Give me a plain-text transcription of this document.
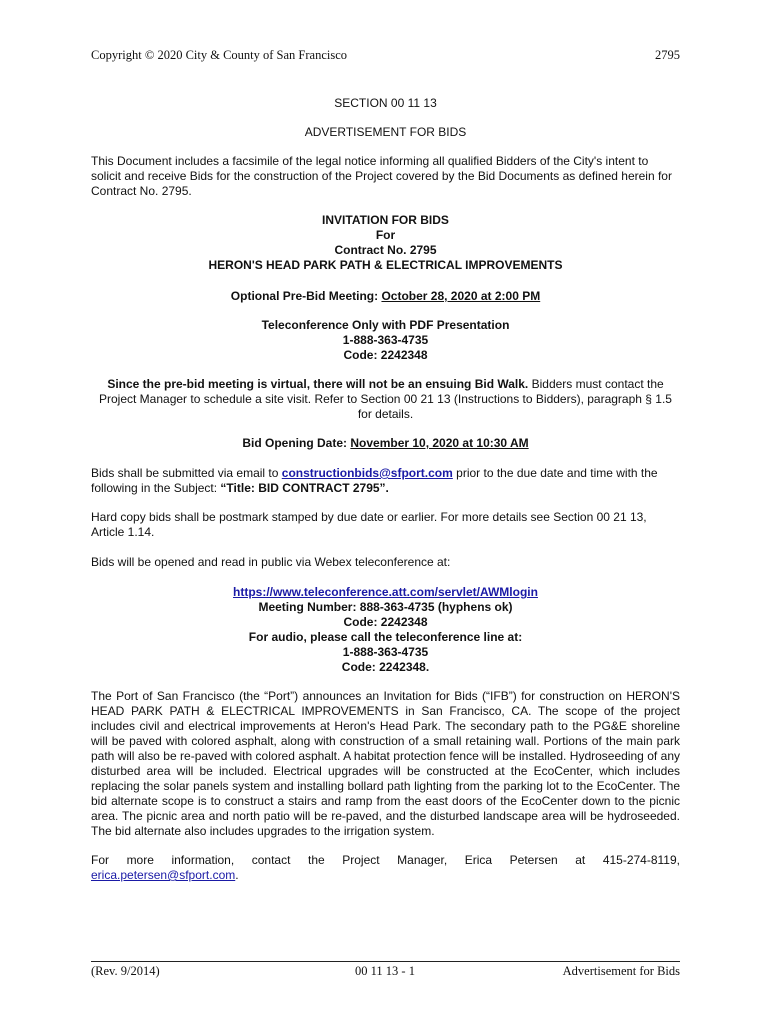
Copyright © 2020 City & County of San Francisco	2795
SECTION 00 11 13
ADVERTISEMENT FOR BIDS

This Document includes a facsimile of the legal notice informing all qualified Bidders of the City's intent to solicit and receive Bids for the construction of the Project covered by the Bid Documents as defined herein for Contract No. 2795.

INVITATION FOR BIDS
For
Contract No. 2795
HERON'S HEAD PARK PATH & ELECTRICAL IMPROVEMENTS
Optional Pre-Bid Meeting: October 28, 2020 at 2:00 PM
Teleconference Only with PDF Presentation
1-888-363-4735
Code: 2242348

Since the pre-bid meeting is virtual, there will not be an ensuing Bid Walk. Bidders must contact the Project Manager to schedule a site visit. Refer to Section 00 21 13 (Instructions to Bidders), paragraph § 1.5 for details.

Bid Opening Date: November 10, 2020 at 10:30 AM

Bids shall be submitted via email to constructionbids@sfport.com prior to the due date and time with the following in the Subject: “Title: BID CONTRACT 2795”.

Hard copy bids shall be postmark stamped by due date or earlier. For more details see Section 00 21 13, Article 1.14.

Bids will be opened and read in public via Webex teleconference at:

https://www.teleconference.att.com/servlet/AWMlogin
Meeting Number: 888-363-4735 (hyphens ok)
Code: 2242348
For audio, please call the teleconference line at:
1-888-363-4735
Code: 2242348.

The Port of San Francisco (the “Port”) announces an Invitation for Bids (“IFB”) for construction on HERON'S HEAD PARK PATH & ELECTRICAL IMPROVEMENTS in San Francisco, CA. The scope of the project includes civil and electrical improvements at Heron's Head Park. The secondary path to the PG&E shoreline will be paved with colored asphalt, along with construction of a small retaining wall. Portions of the main park path will also be re-paved with colored asphalt. A habitat protection fence will be installed. Hydroseeding of any disturbed area will be included. Electrical upgrades will be constructed at the EcoCenter, which includes replacing the solar panels system and installing bollard path lighting from the parking lot to the EcoCenter. The bid alternate scope is to construct a stairs and ramp from the east doors of the EcoCenter down to the picnic area. The picnic area and north patio will be re-paved, and the disturbed landscape area will be hydroseeded. The bid alternate also includes upgrades to the irrigation system.

For more information, contact the Project Manager, Erica Petersen at 415-274-8119,
erica.petersen@sfport.com.
(Rev. 9/2014)	00 11 13 - 1	Advertisement for Bids
